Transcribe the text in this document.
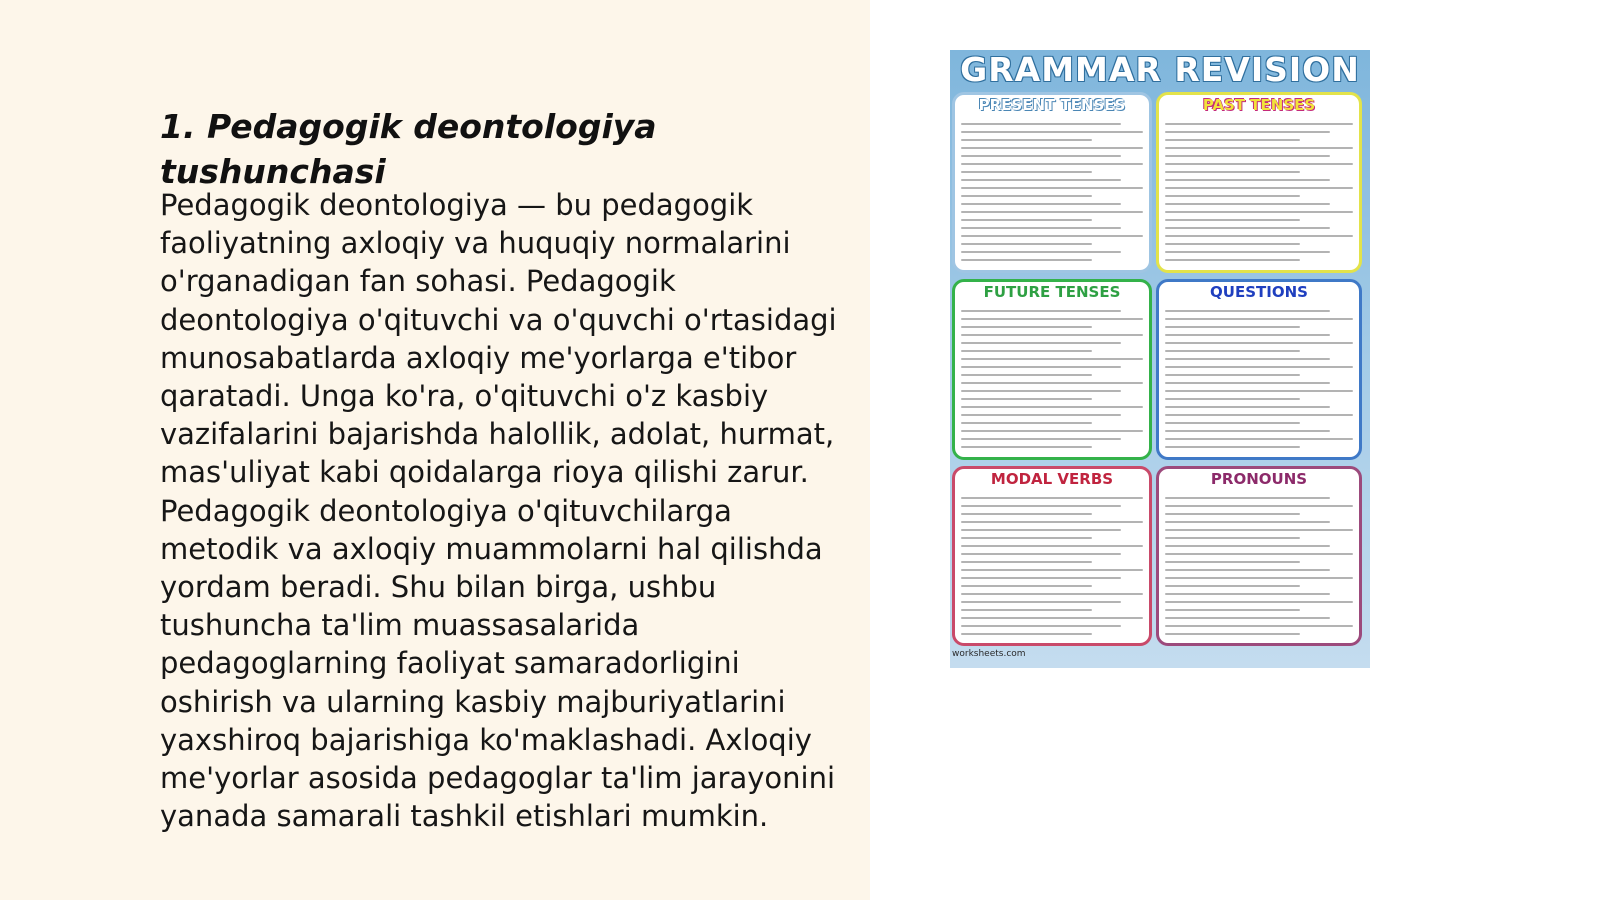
1. Pedagogik deontologiya tushunchasi

Pedagogik deontologiya — bu pedagogik faoliyatning axloqiy va huquqiy normalarini o'rganadigan fan sohasi. Pedagogik deontologiya o'qituvchi va o'quvchi o'rtasidagi munosabatlarda axloqiy me'yorlarga e'tibor qaratadi. Unga ko'ra, o'qituvchi o'z kasbiy vazifalarini bajarishda halollik, adolat, hurmat, mas'uliyat kabi qoidalarga rioya qilishi zarur. Pedagogik deontologiya o'qituvchilarga metodik va axloqiy muammolarni hal qilishda yordam beradi. Shu bilan birga, ushbu tushuncha ta'lim muassasalarida pedagoglarning faoliyat samaradorligini oshirish va ularning kasbiy majburiyatlarini yaxshiroq bajarishiga ko'maklashadi. Axloqiy me'yorlar asosida pedagoglar ta'lim jarayonini yanada samarali tashkil etishlari mumkin.

GRAMMAR REVISION
PRESENT TENSES	PAST TENSES
FUTURE TENSES	QUESTIONS
MODAL VERBS	PRONOUNS

worksheets.com
